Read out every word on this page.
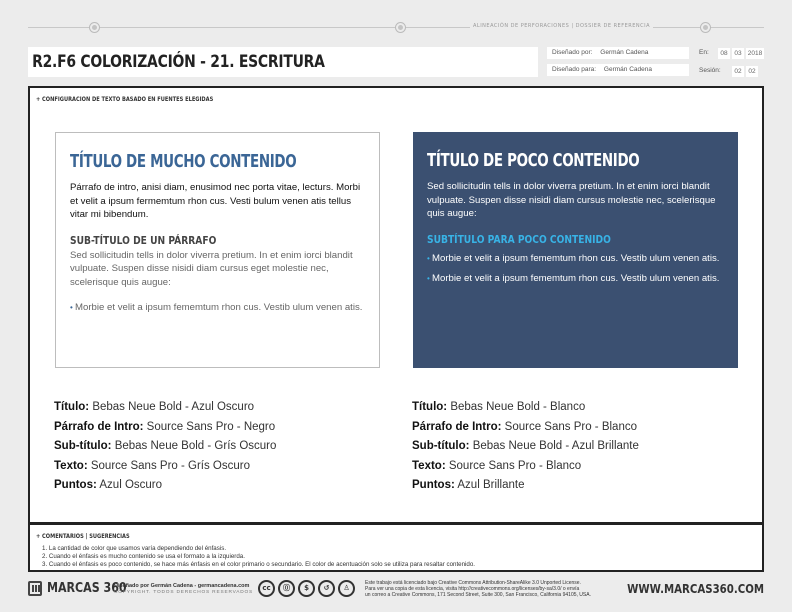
ALINEACIÓN DE PERFORACIONES | DOSSIER DE REFERENCIA
R2.F6 COLORIZACIÓN - 21. ESCRITURA	Diseñado por: Germán Cadena
Diseñado para: Germán Cadena
En:	08	03 2018
Sesión:	02	02
+ CONFIGURACIÓN DE TEXTO BASADO EN FUENTES ELEGIDAS
TÍTULO DE MUCHO CONTENIDO

Párrafo de intro, anisi diam, enusimod nec porta vitae, lecturs. Morbi et velit a ipsum fermemtum rhon cus. Vesti bulum venen atis tellus vitar mi bibendum.

SUB-TÍTULO DE UN PÁRRAFO

Sed sollicitudin tells in dolor viverra pretium. In et enim iorci blandit vulpuate. Suspen disse nisidi diam cursus eget molestie nec, scelerisque quis augue:

• Morbie et velit a ipsum fememtum rhon cus. Vestib ulum venen atis.
TÍTULO DE POCO CONTENIDO

Sed sollicitudin tells in dolor viverra pretium. In et enim iorci blandit vulpuate. Suspen disse nisidi diam cursus molestie nec, scelerisque quis augue:

SUBTÍTULO PARA POCO CONTENIDO
• Morbie et velit a ipsum fememtum rhon cus. Vestib ulum venen atis.
• Morbie et velit a ipsum fememtum rhon cus. Vestib ulum venen atis.
Título: Bebas Neue Bold - Azul Oscuro
Párrafo de Intro: Source Sans Pro - Negro
Sub-título: Bebas Neue Bold - Grís Oscuro
Texto: Source Sans Pro - Grís Oscuro
Puntos: Azul Oscuro
Título: Bebas Neue Bold - Blanco
Párrafo de Intro: Source Sans Pro - Blanco
Sub-título: Bebas Neue Bold - Azul Brillante
Texto: Source Sans Pro - Blanco
Puntos: Azul Brillante
+ COMENTARIOS | SUGERENCIAS
1. La cantidad de color que usamos varía dependiendo del énfasis.
2. Cuando el énfasis es mucho contenido se usa el formato a la izquierda.
3. Cuando el énfasis es poco contenido, se hace más énfasis en el color primario o secundario. El color de acentuación solo se utiliza para resaltar contenido.
MARCAS 360
Diseñado por Germán Cadena - germancadena.com
COPYRIGHT. TODOS DERECHOS RESERVADOS
cc	⓪	$	↺	♙
Este trabajo está licenciado bajo Creative Commons Attribution-ShareAlike 3.0 Unported License.
Para ver una copia de esta licencia, visita http://creativecommons.org/licenses/by-sa/3.0/ o envía
un correo a Creative Commons, 171 Second Street, Suite 300, San Francisco, California 94105, USA.	WWW.MARCAS360.COM
